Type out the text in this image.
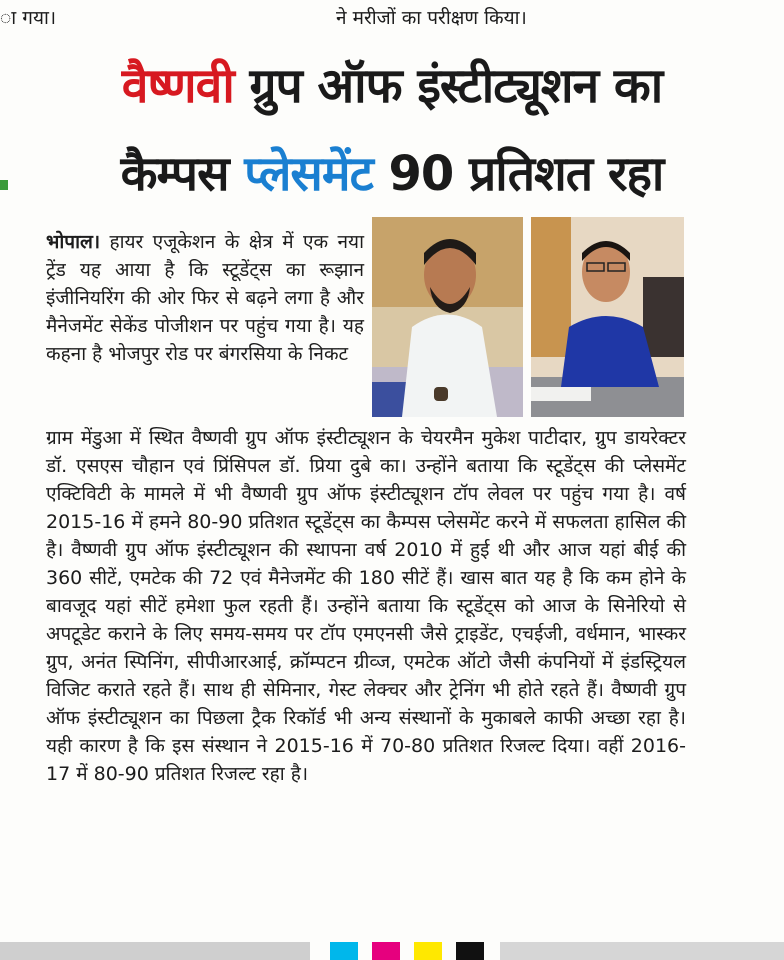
ा गया।	ने मरीजों का परीक्षण किया।
वैष्णवी ग्रुप ऑफ इंस्टीट्यूशन का
कैम्पस प्लेसमेंट 90 प्रतिशत रहा

भोपाल। हायर एजूकेशन के क्षेत्र में एक नया ट्रेंड यह आया है कि स्टूडेंट्स का रूझान इंजीनियरिंग की ओर फिर से बढ़ने लगा है और मैनेजमेंट सेकेंड पोजीशन पर पहुंच गया है। यह कहना है भोजपुर रोड पर बंगरसिया के निकट

ग्राम मेंडुआ में स्थित वैष्णवी ग्रुप ऑफ इंस्टीट्यूशन के चेयरमैन मुकेश पाटीदार, ग्रुप डायरेक्टर डॉ. एसएस चौहान एवं प्रिंसिपल डॉ. प्रिया दुबे का। उन्होंने बताया कि स्टूडेंट्स की प्लेसमेंट एक्टिविटी के मामले में भी वैष्णवी ग्रुप ऑफ इंस्टीट्यूशन टॉप लेवल पर पहुंच गया है। वर्ष 2015-16 में हमने 80-90 प्रतिशत स्टूडेंट्स का कैम्पस प्लेसमेंट करने में सफलता हासिल की है। वैष्णवी ग्रुप ऑफ इंस्टीट्यूशन की स्थापना वर्ष 2010 में हुई थी और आज यहां बीई की 360 सीटें, एमटेक की 72 एवं मैनेजमेंट की 180 सीटें हैं। खास बात यह है कि कम होने के बावजूद यहां सीटें हमेशा फुल रहती हैं। उन्होंने बताया कि स्टूडेंट्स को आज के सिनेरियो से अपटूडेट कराने के लिए समय-समय पर टॉप एमएनसी जैसे ट्राइडेंट, एचईजी, वर्धमान, भास्कर ग्रुप, अनंत स्पिनिंग, सीपीआरआई, क्रॉम्पटन ग्रीव्ज, एमटेक ऑटो जैसी कंपनियों में इंडस्ट्रियल विजिट कराते रहते हैं। साथ ही सेमिनार, गेस्ट लेक्चर और ट्रेनिंग भी होते रहते हैं। वैष्णवी ग्रुप ऑफ इंस्टीट्यूशन का पिछला ट्रैक रिकॉर्ड भी अन्य संस्थानों के मुकाबले काफी अच्छा रहा है। यही कारण है कि इस संस्थान ने 2015-16 में 70-80 प्रतिशत रिजल्ट दिया। वहीं 2016-17 में 80-90 प्रतिशत रिजल्ट रहा है।
